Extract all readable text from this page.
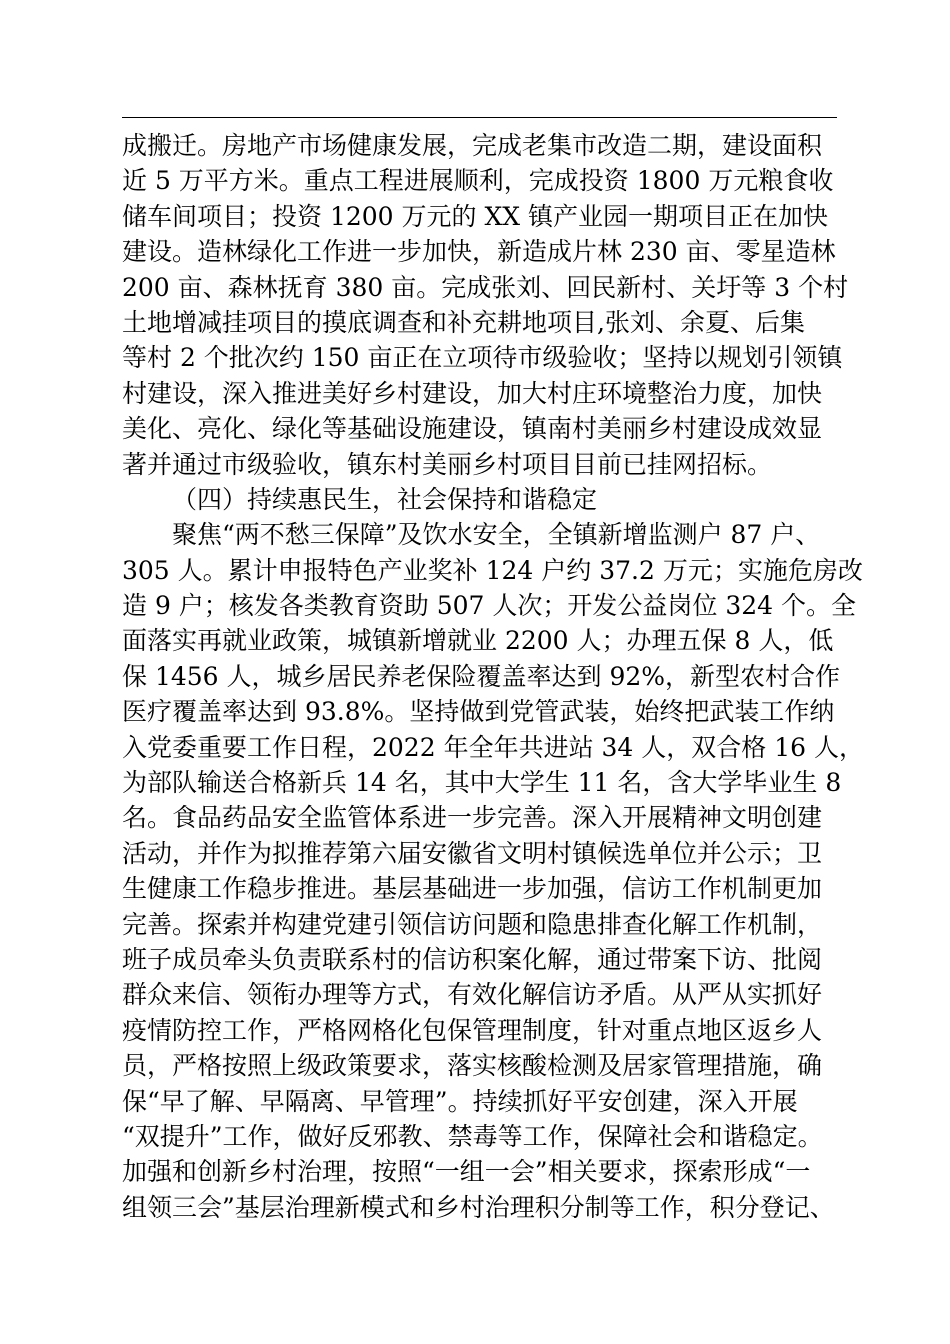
成搬迁。房地产市场健康发展，完成老集市改造二期，建设面积
近 5 万平方米。重点工程进展顺利，完成投资 1800 万元粮食收
储车间项目；投资 1200 万元的 XX 镇产业园一期项目正在加快
建设。造林绿化工作进一步加快，新造成片林 230 亩、零星造林
200 亩、森林抚育 380 亩。完成张刘、回民新村、关圩等 3 个村
土地增减挂项目的摸底调查和补充耕地项目,张刘、余夏、后集
等村 2 个批次约 150 亩正在立项待市级验收；坚持以规划引领镇
村建设，深入推进美好乡村建设，加大村庄环境整治力度，加快
美化、亮化、绿化等基础设施建设，镇南村美丽乡村建设成效显
著并通过市级验收，镇东村美丽乡村项目目前已挂网招标。
（四）持续惠民生，社会保持和谐稳定
聚焦“两不愁三保障”及饮水安全，全镇新增监测户 87 户、
305 人。累计申报特色产业奖补 124 户约 37.2 万元；实施危房改
造 9 户；核发各类教育资助 507 人次；开发公益岗位 324 个。全
面落实再就业政策，城镇新增就业 2200 人；办理五保 8 人，低
保 1456 人，城乡居民养老保险覆盖率达到 92%，新型农村合作
医疗覆盖率达到 93.8%。坚持做到党管武装，始终把武装工作纳
入党委重要工作日程，2022 年全年共进站 34 人，双合格 16 人，
为部队输送合格新兵 14 名，其中大学生 11 名，含大学毕业生 8
名。食品药品安全监管体系进一步完善。深入开展精神文明创建
活动，并作为拟推荐第六届安徽省文明村镇候选单位并公示；卫
生健康工作稳步推进。基层基础进一步加强，信访工作机制更加
完善。探索并构建党建引领信访问题和隐患排查化解工作机制，
班子成员牵头负责联系村的信访积案化解，通过带案下访、批阅
群众来信、领衔办理等方式，有效化解信访矛盾。从严从实抓好
疫情防控工作，严格网格化包保管理制度，针对重点地区返乡人
员，严格按照上级政策要求，落实核酸检测及居家管理措施，确
保“早了解、早隔离、早管理”。持续抓好平安创建，深入开展
“双提升”工作，做好反邪教、禁毒等工作，保障社会和谐稳定。
加强和创新乡村治理，按照“一组一会”相关要求，探索形成“一
组领三会”基层治理新模式和乡村治理积分制等工作，积分登记、
